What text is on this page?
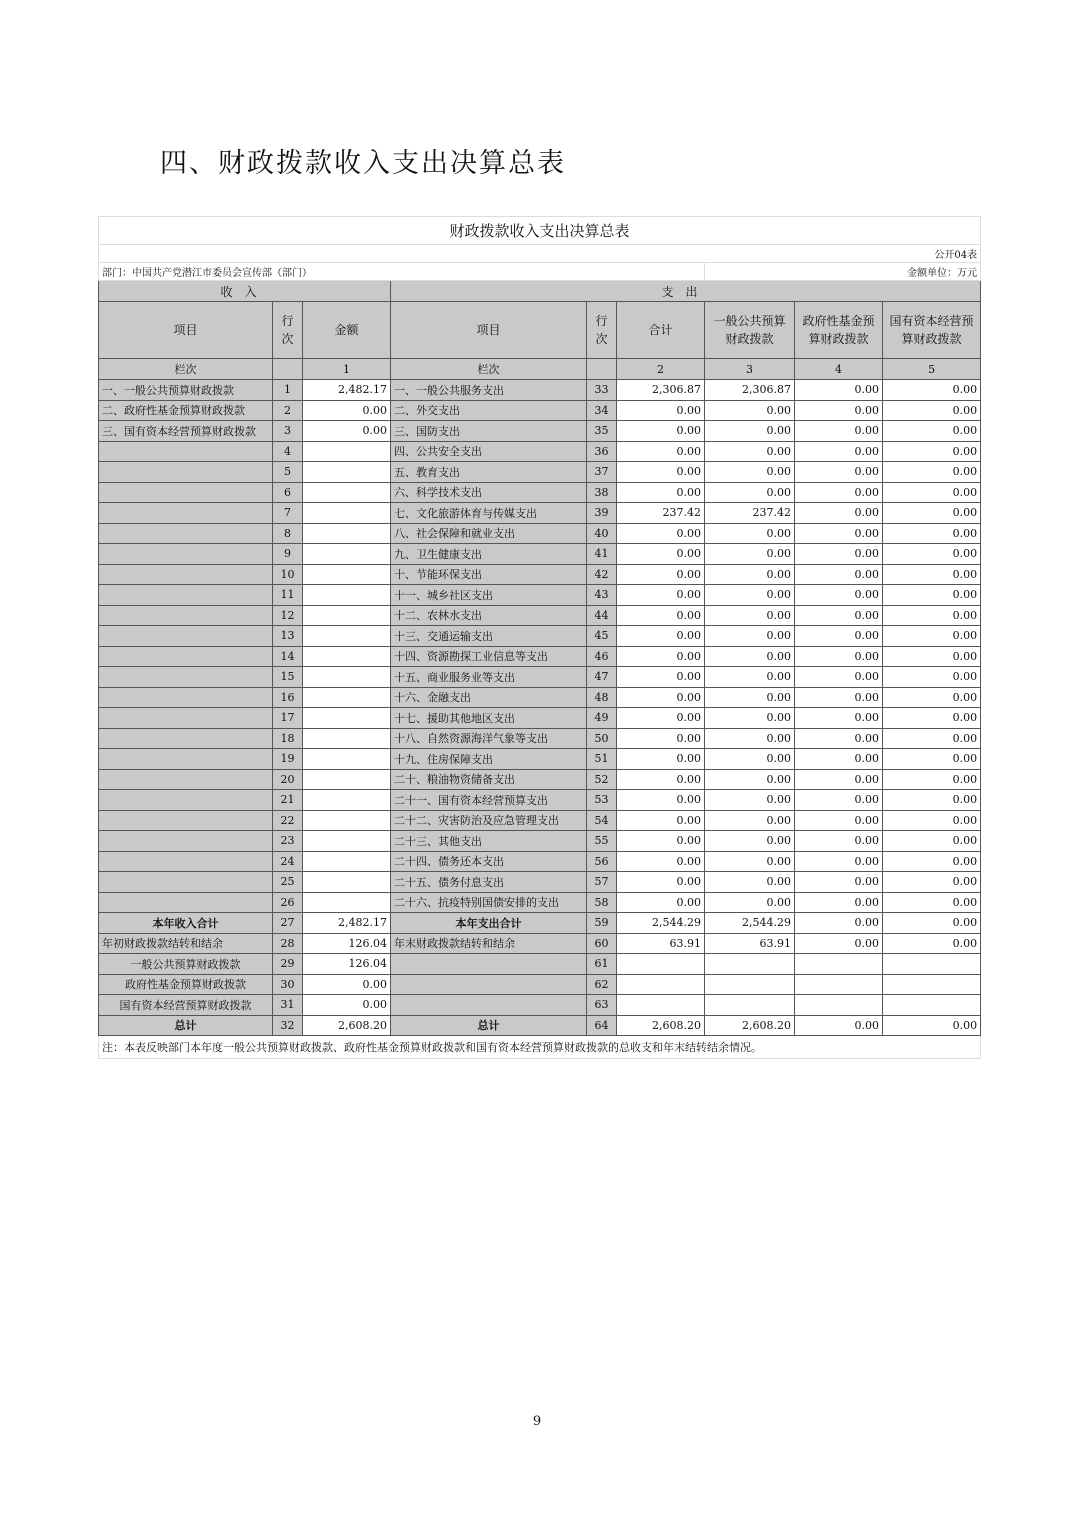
四、财政拨款收入支出决算总表
财政拨款收入支出决算总表								
公开04表								
部门：中国共产党潜江市委员会宣传部（部门）						金额单位：万元		
收入			支出					
项目	行次	金额	项目	行次	合计	一般公共预算财政拨款	政府性基金预算财政拨款	国有资本经营预算财政拨款
栏次		1	栏次		2	3	4	5
一、一般公共预算财政拨款	1	2,482.17	一、一般公共服务支出	33	2,306.87	2,306.87	0.00	0.00
二、政府性基金预算财政拨款	2	0.00	二、外交支出	34	0.00	0.00	0.00	0.00
三、国有资本经营预算财政拨款	3	0.00	三、国防支出	35	0.00	0.00	0.00	0.00
	4		四、公共安全支出	36	0.00	0.00	0.00	0.00
	5		五、教育支出	37	0.00	0.00	0.00	0.00
	6		六、科学技术支出	38	0.00	0.00	0.00	0.00
	7		七、文化旅游体育与传媒支出	39	237.42	237.42	0.00	0.00
	8		八、社会保障和就业支出	40	0.00	0.00	0.00	0.00
	9		九、卫生健康支出	41	0.00	0.00	0.00	0.00
	10		十、节能环保支出	42	0.00	0.00	0.00	0.00
	11		十一、城乡社区支出	43	0.00	0.00	0.00	0.00
	12		十二、农林水支出	44	0.00	0.00	0.00	0.00
	13		十三、交通运输支出	45	0.00	0.00	0.00	0.00
	14		十四、资源勘探工业信息等支出	46	0.00	0.00	0.00	0.00
	15		十五、商业服务业等支出	47	0.00	0.00	0.00	0.00
	16		十六、金融支出	48	0.00	0.00	0.00	0.00
	17		十七、援助其他地区支出	49	0.00	0.00	0.00	0.00
	18		十八、自然资源海洋气象等支出	50	0.00	0.00	0.00	0.00
	19		十九、住房保障支出	51	0.00	0.00	0.00	0.00
	20		二十、粮油物资储备支出	52	0.00	0.00	0.00	0.00
	21		二十一、国有资本经营预算支出	53	0.00	0.00	0.00	0.00
	22		二十二、灾害防治及应急管理支出	54	0.00	0.00	0.00	0.00
	23		二十三、其他支出	55	0.00	0.00	0.00	0.00
	24		二十四、债务还本支出	56	0.00	0.00	0.00	0.00
	25		二十五、债务付息支出	57	0.00	0.00	0.00	0.00
	26		二十六、抗疫特别国债安排的支出	58	0.00	0.00	0.00	0.00
本年收入合计	27	2,482.17	本年支出合计	59	2,544.29	2,544.29	0.00	0.00
年初财政拨款结转和结余	28	126.04	年末财政拨款结转和结余	60	63.91	63.91	0.00	0.00
一般公共预算财政拨款	29	126.04		61				
政府性基金预算财政拨款	30	0.00		62				
国有资本经营预算财政拨款	31	0.00		63				
总计	32	2,608.20	总计	64	2,608.20	2,608.20	0.00	0.00
注：本表反映部门本年度一般公共预算财政拨款、政府性基金预算财政拨款和国有资本经营预算财政拨款的总收支和年末结转结余情况。								
9
